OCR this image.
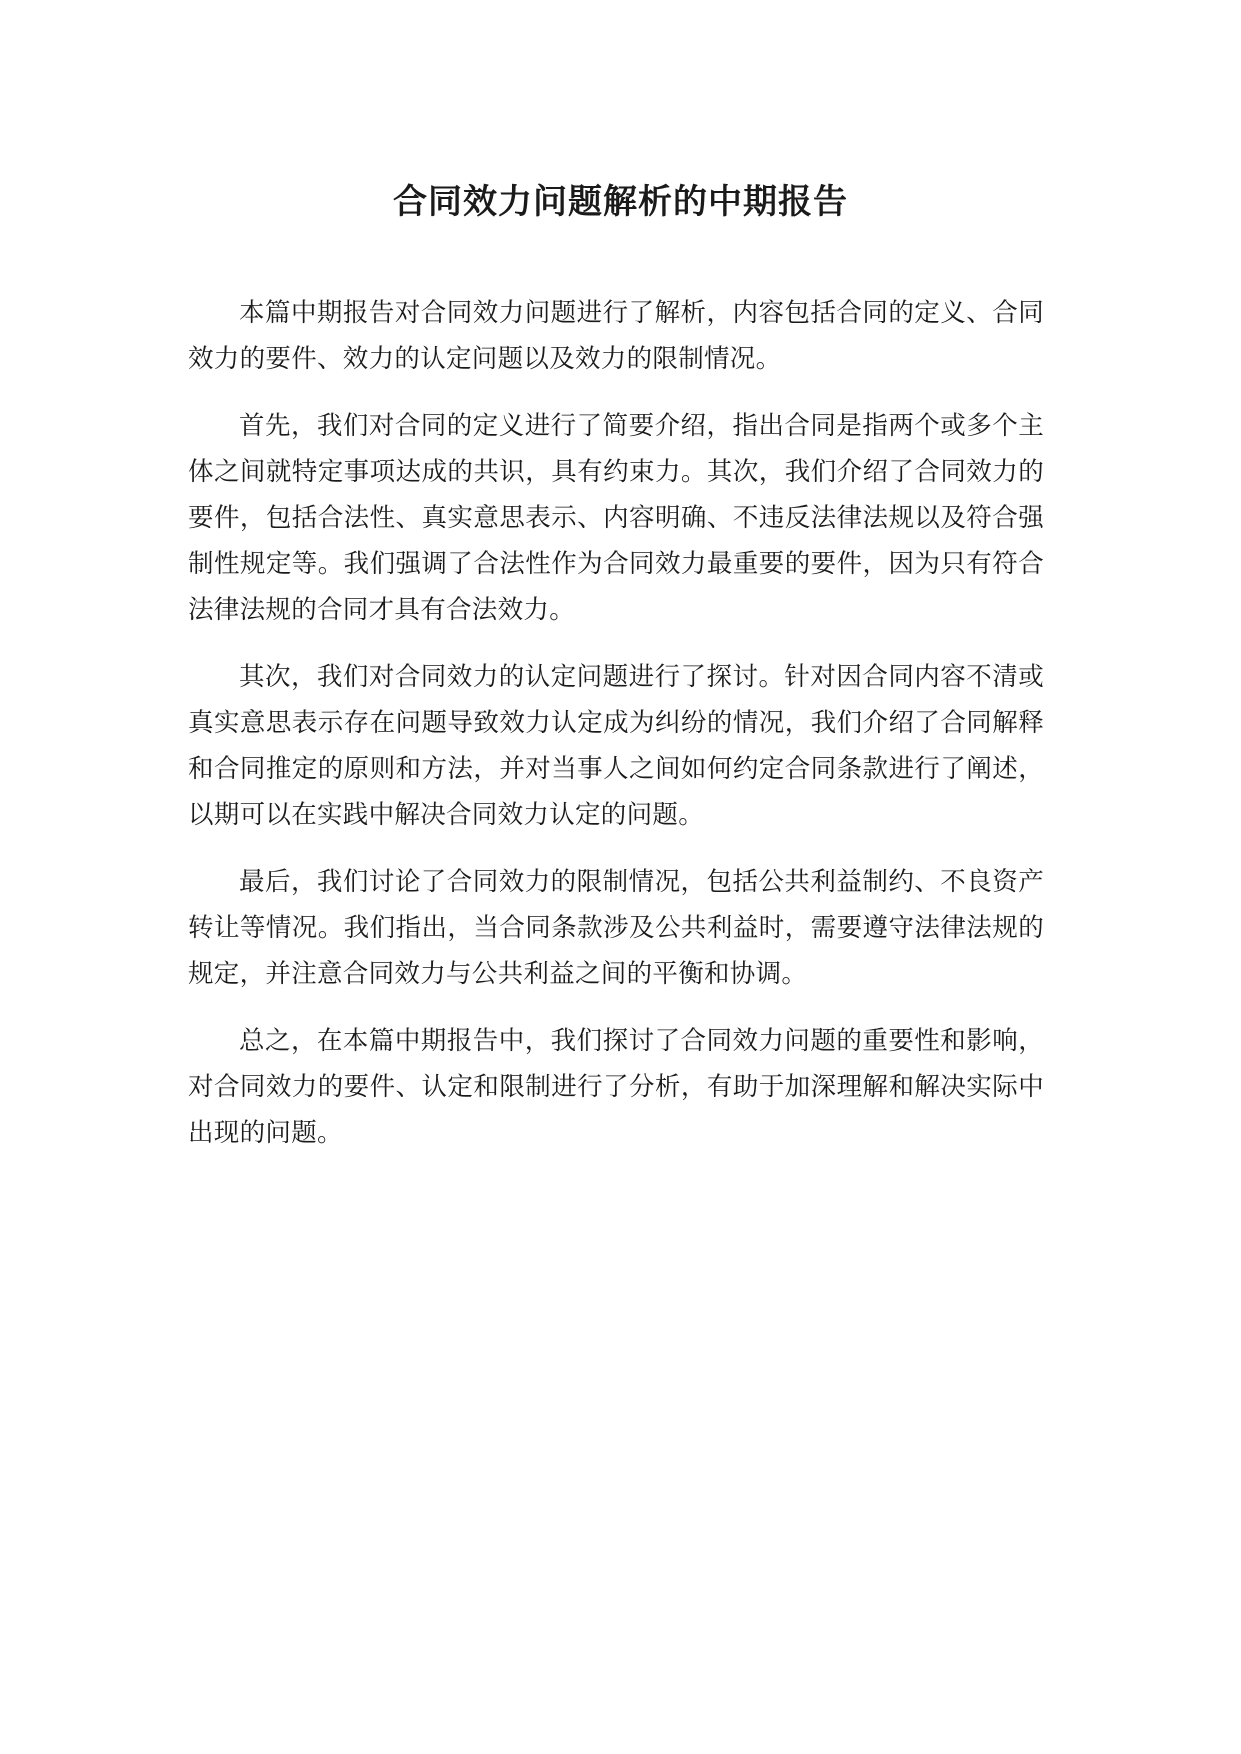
合同效力问题解析的中期报告

本篇中期报告对合同效力问题进行了解析，内容包括合同的定义、合同效力的要件、效力的认定问题以及效力的限制情况。

首先，我们对合同的定义进行了简要介绍，指出合同是指两个或多个主体之间就特定事项达成的共识，具有约束力。其次，我们介绍了合同效力的要件，包括合法性、真实意思表示、内容明确、不违反法律法规以及符合强制性规定等。我们强调了合法性作为合同效力最重要的要件，因为只有符合法律法规的合同才具有合法效力。

其次，我们对合同效力的认定问题进行了探讨。针对因合同内容不清或真实意思表示存在问题导致效力认定成为纠纷的情况，我们介绍了合同解释和合同推定的原则和方法，并对当事人之间如何约定合同条款进行了阐述，以期可以在实践中解决合同效力认定的问题。

最后，我们讨论了合同效力的限制情况，包括公共利益制约、不良资产转让等情况。我们指出，当合同条款涉及公共利益时，需要遵守法律法规的规定，并注意合同效力与公共利益之间的平衡和协调。

总之，在本篇中期报告中，我们探讨了合同效力问题的重要性和影响，对合同效力的要件、认定和限制进行了分析，有助于加深理解和解决实际中出现的问题。
